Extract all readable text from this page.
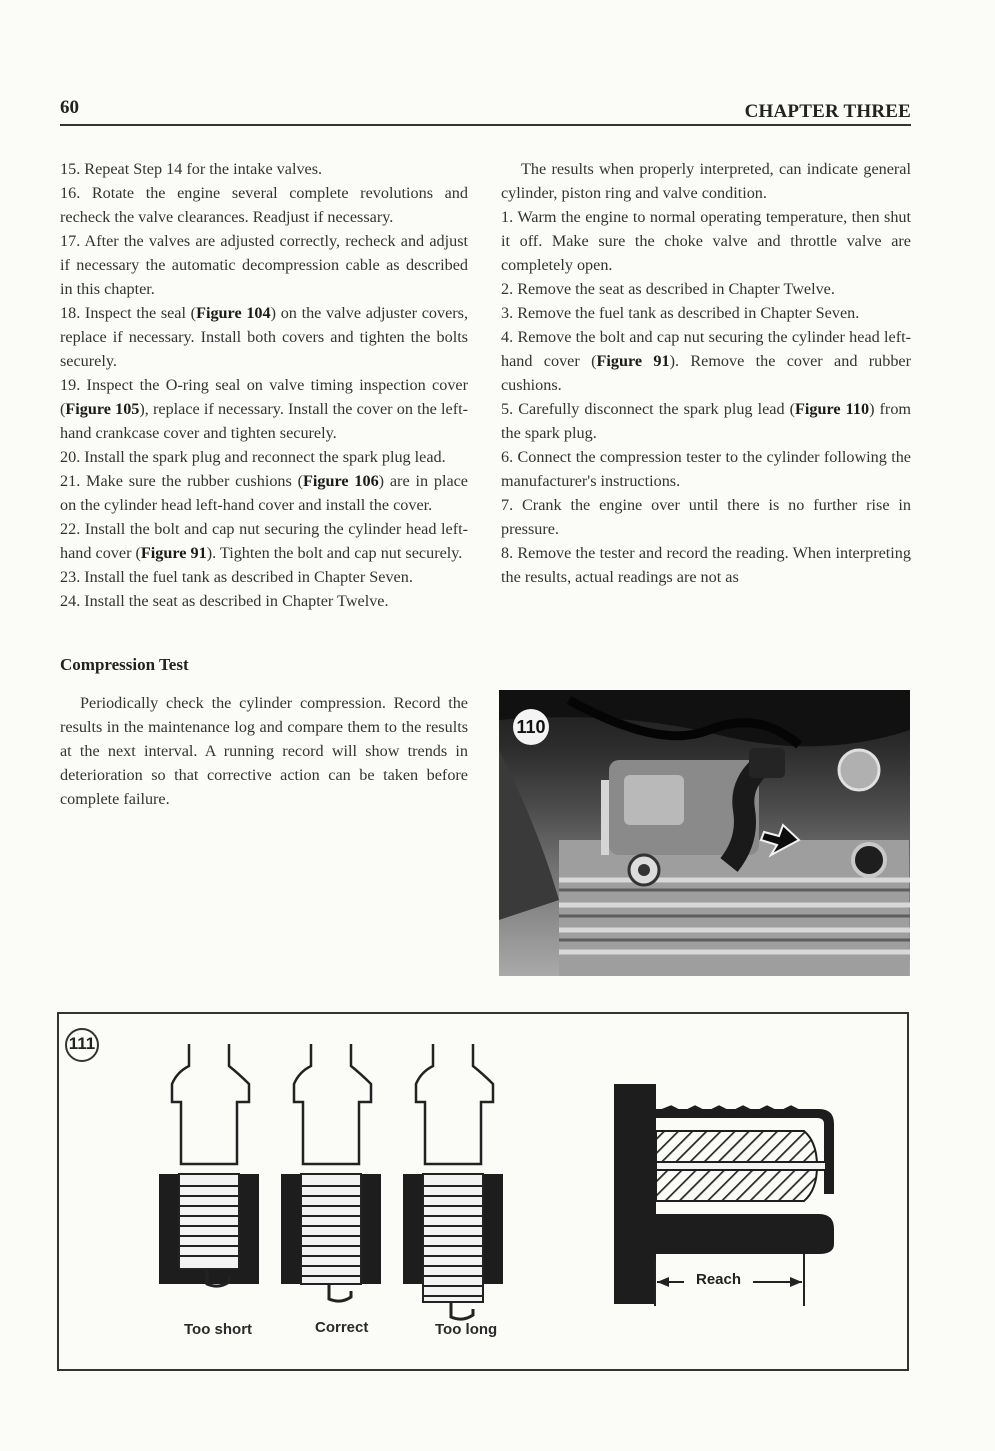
60	CHAPTER THREE

15. Repeat Step 14 for the intake valves.

16. Rotate the engine several complete revolutions and recheck the valve clearances. Readjust if necessary.

17. After the valves are adjusted correctly, recheck and adjust if necessary the automatic decompression cable as described in this chapter.

18. Inspect the seal (Figure 104) on the valve adjuster covers, replace if necessary. Install both covers and tighten the bolts securely.

19. Inspect the O-ring seal on valve timing inspection cover (Figure 105), replace if necessary. Install the cover on the left-hand crankcase cover and tighten securely.

20. Install the spark plug and reconnect the spark plug lead.

21. Make sure the rubber cushions (Figure 106) are in place on the cylinder head left-hand cover and install the cover.

22. Install the bolt and cap nut securing the cylinder head left-hand cover (Figure 91). Tighten the bolt and cap nut securely.

23. Install the fuel tank as described in Chapter Seven.

24. Install the seat as described in Chapter Twelve.

Compression Test

Periodically check the cylinder compression. Record the results in the maintenance log and compare them to the results at the next interval. A running record will show trends in deterioration so that corrective action can be taken before complete failure.

The results when properly interpreted, can indicate general cylinder, piston ring and valve condition.

1. Warm the engine to normal operating temperature, then shut it off. Make sure the choke valve and throttle valve are completely open.

2. Remove the seat as described in Chapter Twelve.

3. Remove the fuel tank as described in Chapter Seven.

4. Remove the bolt and cap nut securing the cylinder head left-hand cover (Figure 91). Remove the cover and rubber cushions.

5. Carefully disconnect the spark plug lead (Figure 110) from the spark plug.

6. Connect the compression tester to the cylinder following the manufacturer's instructions.

7. Crank the engine over until there is no further rise in pressure.

8. Remove the tester and record the reading. When interpreting the results, actual readings are not as

110
111
Too short	Correct	Too long
Reach
